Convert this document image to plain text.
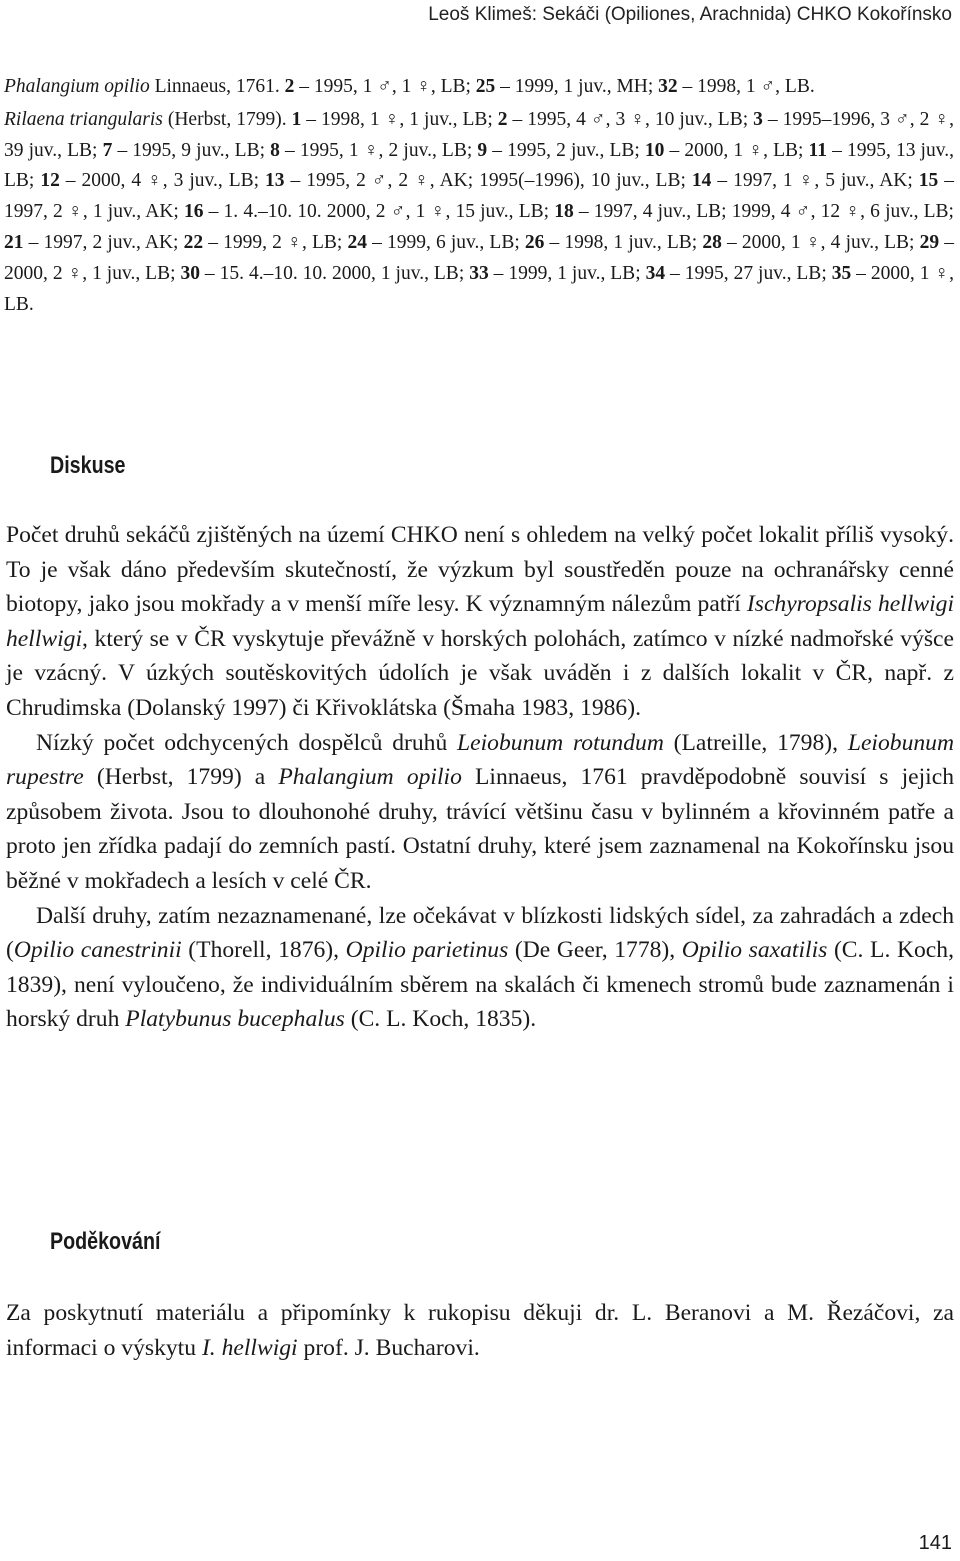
Leoš Klimeš: Sekáči (Opiliones, Arachnida) CHKO Kokořínsko

Phalangium opilio Linnaeus, 1761. 2 – 1995, 1 ♂, 1 ♀, LB; 25 – 1999, 1 juv., MH; 32 – 1998, 1 ♂, LB.

Rilaena triangularis (Herbst, 1799). 1 – 1998, 1 ♀, 1 juv., LB; 2 – 1995, 4 ♂, 3 ♀, 10 juv., LB; 3 – 1995–1996, 3 ♂, 2 ♀, 39 juv., LB; 7 – 1995, 9 juv., LB; 8 – 1995, 1 ♀, 2 juv., LB; 9 – 1995, 2 juv., LB; 10 – 2000, 1 ♀, LB; 11 – 1995, 13 juv., LB; 12 – 2000, 4 ♀, 3 juv., LB; 13 – 1995, 2 ♂, 2 ♀, AK; 1995(–1996), 10 juv., LB; 14 – 1997, 1 ♀, 5 juv., AK; 15 – 1997, 2 ♀, 1 juv., AK; 16 – 1. 4.–10. 10. 2000, 2 ♂, 1 ♀, 15 juv., LB; 18 – 1997, 4 juv., LB; 1999, 4 ♂, 12 ♀, 6 juv., LB; 21 – 1997, 2 juv., AK; 22 – 1999, 2 ♀, LB; 24 – 1999, 6 juv., LB; 26 – 1998, 1 juv., LB; 28 – 2000, 1 ♀, 4 juv., LB; 29 – 2000, 2 ♀, 1 juv., LB; 30 – 15. 4.–10. 10. 2000, 1 juv., LB; 33 – 1999, 1 juv., LB; 34 – 1995, 27 juv., LB; 35 – 2000, 1 ♀, LB.

Diskuse

Počet druhů sekáčů zjištěných na území CHKO není s ohledem na velký počet lokalit příliš vysoký. To je však dáno především skutečností, že výzkum byl soustředěn pouze na ochranářsky cenné biotopy, jako jsou mokřady a v menší míře lesy. K významným nálezům patří Ischyropsalis hellwigi hellwigi, který se v ČR vyskytuje převážně v horských polohách, zatímco v nízké nadmořské výšce je vzácný. V úzkých soutěskovitých údolích je však uváděn i z dalších lokalit v ČR, např. z Chrudimska (Dolanský 1997) či Křivoklátska (Šmaha 1983, 1986).

Nízký počet odchycených dospělců druhů Leiobunum rotundum (Latreille, 1798), Leiobunum rupestre (Herbst, 1799) a Phalangium opilio Linnaeus, 1761 pravděpodobně souvisí s jejich způsobem života. Jsou to dlouhonohé druhy, trávící většinu času v bylinném a křovinném patře a proto jen zřídka padají do zemních pastí. Ostatní druhy, které jsem zaznamenal na Kokořínsku jsou běžné v mokřadech a lesích v celé ČR.

Další druhy, zatím nezaznamenané, lze očekávat v blízkosti lidských sídel, za zahradách a zdech (Opilio canestrinii (Thorell, 1876), Opilio parietinus (De Geer, 1778), Opilio saxatilis (C. L. Koch, 1839), není vyloučeno, že individuálním sběrem na skalách či kmenech stromů bude zaznamenán i horský druh Platybunus bucephalus (C. L. Koch, 1835).

Poděkování

Za poskytnutí materiálu a připomínky k rukopisu děkuji dr. L. Beranovi a M. Řezáčovi, za informaci o výskytu I. hellwigi prof. J. Bucharovi.

141
